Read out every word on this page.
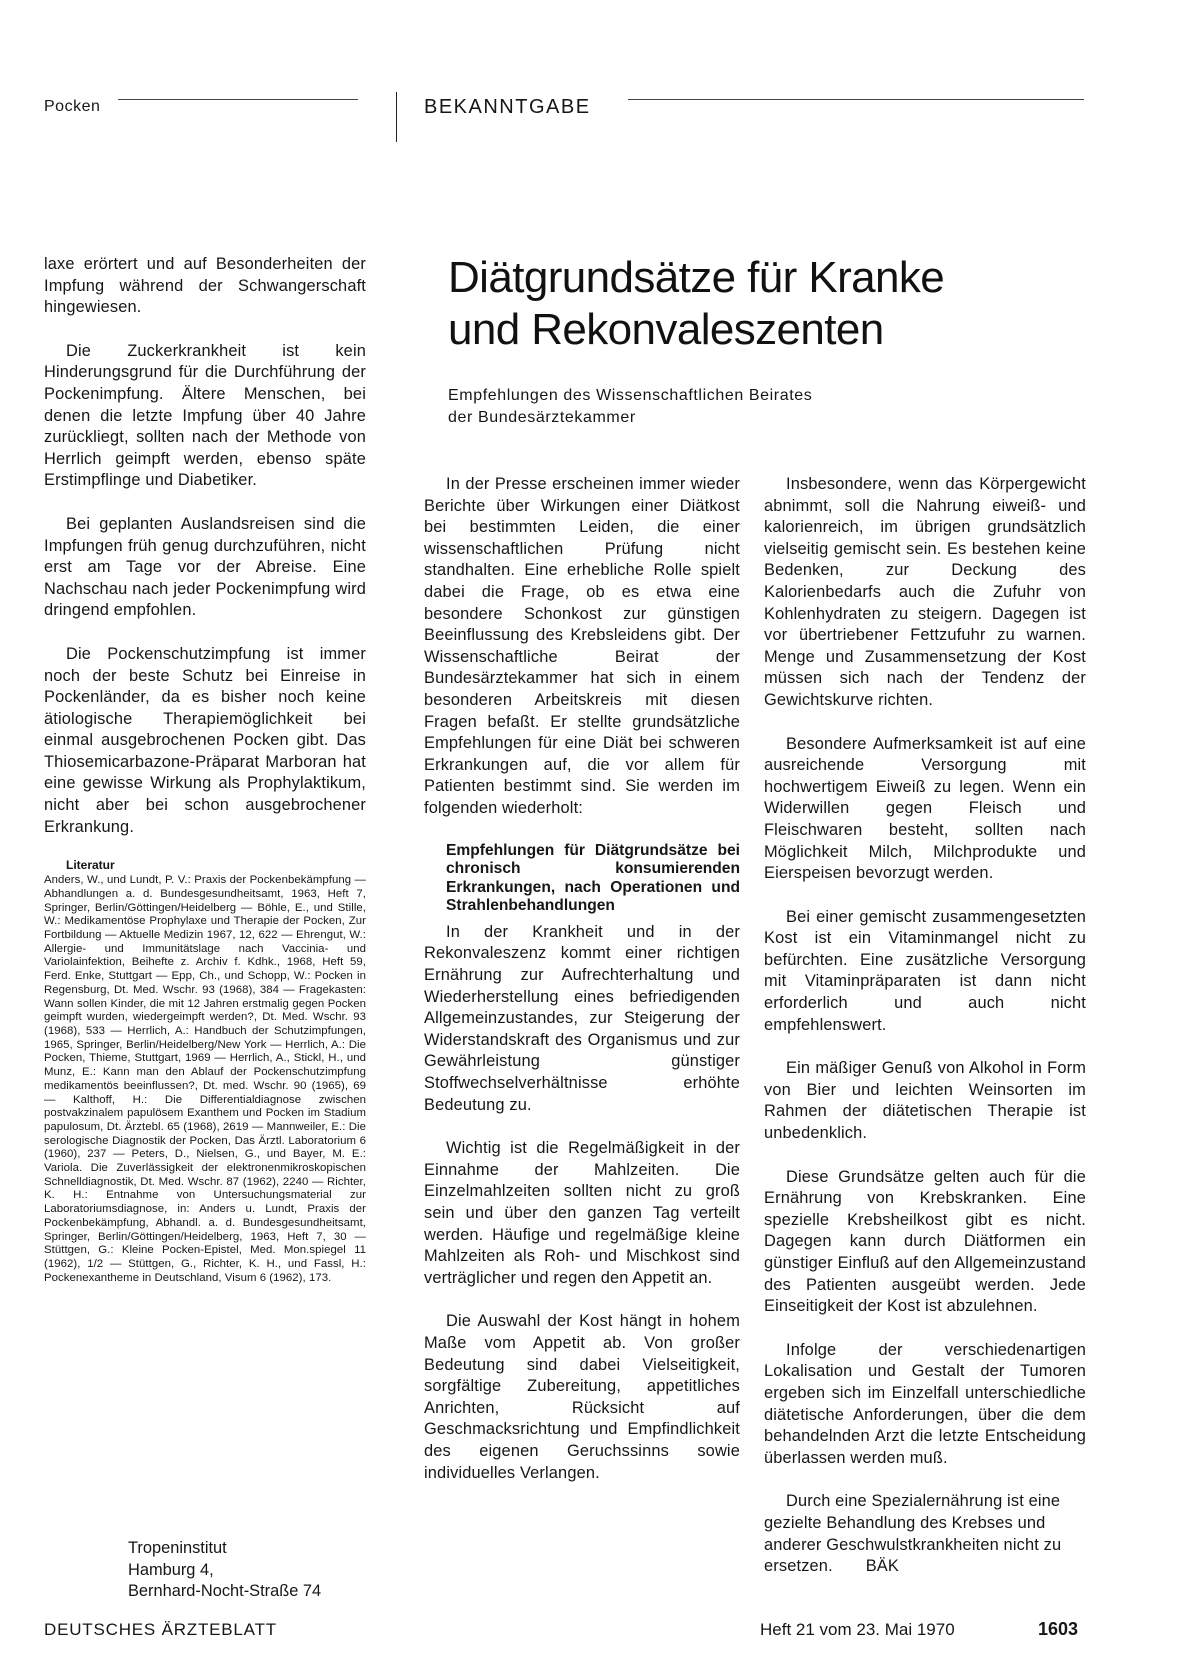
Pocken	BEKANNTGABE
Diätgrundsätze für Kranke
und Rekonvaleszenten
Empfehlungen des Wissenschaftlichen Beirates
der Bundesärztekammer

laxe erörtert und auf Besonderheiten der Impfung während der Schwangerschaft hingewiesen.

Die Zuckerkrankheit ist kein Hinderungsgrund für die Durchführung der Pockenimpfung. Ältere Menschen, bei denen die letzte Impfung über 40 Jahre zurückliegt, sollten nach der Methode von Herrlich geimpft werden, ebenso späte Erstimpflinge und Diabetiker.

Bei geplanten Auslandsreisen sind die Impfungen früh genug durchzuführen, nicht erst am Tage vor der Abreise. Eine Nachschau nach jeder Pockenimpfung wird dringend empfohlen.

Die Pockenschutzimpfung ist immer noch der beste Schutz bei Einreise in Pockenländer, da es bisher noch keine ätiologische Therapiemöglichkeit bei einmal ausgebrochenen Pocken gibt. Das Thiosemicarbazone-Präparat Marboran hat eine gewisse Wirkung als Prophylaktikum, nicht aber bei schon ausgebrochener Erkrankung.

Literatur

Anders, W., und Lundt, P. V.: Praxis der Pockenbekämpfung — Abhandlungen a. d. Bundesgesundheitsamt, 1963, Heft 7, Springer, Berlin/Göttingen/Heidelberg — Böhle, E., und Stille, W.: Medikamentöse Prophylaxe und Therapie der Pocken, Zur Fortbildung — Aktuelle Medizin 1967, 12, 622 — Ehrengut, W.: Allergie- und Immunitätslage nach Vaccinia- und Variolainfektion, Beihefte z. Archiv f. Kdhk., 1968, Heft 59, Ferd. Enke, Stuttgart — Epp, Ch., und Schopp, W.: Pocken in Regensburg, Dt. Med. Wschr. 93 (1968), 384 — Fragekasten: Wann sollen Kinder, die mit 12 Jahren erstmalig gegen Pocken geimpft wurden, wiedergeimpft werden?, Dt. Med. Wschr. 93 (1968), 533 — Herrlich, A.: Handbuch der Schutzimpfungen, 1965, Springer, Berlin/Heidelberg/New York — Herrlich, A.: Die Pocken, Thieme, Stuttgart, 1969 — Herrlich, A., Stickl, H., und Munz, E.: Kann man den Ablauf der Pockenschutzimpfung medikamentös beeinflussen?, Dt. med. Wschr. 90 (1965), 69 — Kalthoff, H.: Die Differentialdiagnose zwischen postvakzinalem papulösem Exanthem und Pocken im Stadium papulosum, Dt. Ärztebl. 65 (1968), 2619 — Mannweiler, E.: Die serologische Diagnostik der Pocken, Das Ärztl. Laboratorium 6 (1960), 237 — Peters, D., Nielsen, G., und Bayer, M. E.: Variola. Die Zuverlässigkeit der elektronenmikroskopischen Schnelldiagnostik, Dt. Med. Wschr. 87 (1962), 2240 — Richter, K. H.: Entnahme von Untersuchungsmaterial zur Laboratoriumsdiagnose, in: Anders u. Lundt, Praxis der Pockenbekämpfung, Abhandl. a. d. Bundesgesundheitsamt, Springer, Berlin/Göttingen/Heidelberg, 1963, Heft 7, 30 — Stüttgen, G.: Kleine Pocken-Epistel, Med. Mon.spiegel 11 (1962), 1/2 — Stüttgen, G., Richter, K. H., und Fassl, H.: Pockenexantheme in Deutschland, Visum 6 (1962), 173.

Tropeninstitut
Hamburg 4,
Bernhard-Nocht-Straße 74

In der Presse erscheinen immer wieder Berichte über Wirkungen einer Diätkost bei bestimmten Leiden, die einer wissenschaftlichen Prüfung nicht standhalten. Eine erhebliche Rolle spielt dabei die Frage, ob es etwa eine besondere Schonkost zur günstigen Beeinflussung des Krebsleidens gibt. Der Wissenschaftliche Beirat der Bundesärztekammer hat sich in einem besonderen Arbeitskreis mit diesen Fragen befaßt. Er stellte grundsätzliche Empfehlungen für eine Diät bei schweren Erkrankungen auf, die vor allem für Patienten bestimmt sind. Sie werden im folgenden wiederholt:

Empfehlungen für Diätgrundsätze bei chronisch konsumierenden Erkrankungen, nach Operationen und Strahlenbehandlungen

In der Krankheit und in der Rekonvaleszenz kommt einer richtigen Ernährung zur Aufrechterhaltung und Wiederherstellung eines befriedigenden Allgemeinzustandes, zur Steigerung der Widerstandskraft des Organismus und zur Gewährleistung günstiger Stoffwechselverhältnisse erhöhte Bedeutung zu.

Wichtig ist die Regelmäßigkeit in der Einnahme der Mahlzeiten. Die Einzelmahlzeiten sollten nicht zu groß sein und über den ganzen Tag verteilt werden. Häufige und regelmäßige kleine Mahlzeiten als Roh- und Mischkost sind verträglicher und regen den Appetit an.

Die Auswahl der Kost hängt in hohem Maße vom Appetit ab. Von großer Bedeutung sind dabei Vielseitigkeit, sorgfältige Zubereitung, appetitliches Anrichten, Rücksicht auf Geschmacksrichtung und Empfindlichkeit des eigenen Geruchssinns sowie individuelles Verlangen.

Insbesondere, wenn das Körpergewicht abnimmt, soll die Nahrung eiweiß- und kalorienreich, im übrigen grundsätzlich vielseitig gemischt sein. Es bestehen keine Bedenken, zur Deckung des Kalorienbedarfs auch die Zufuhr von Kohlenhydraten zu steigern. Dagegen ist vor übertriebener Fettzufuhr zu warnen. Menge und Zusammensetzung der Kost müssen sich nach der Tendenz der Gewichtskurve richten.

Besondere Aufmerksamkeit ist auf eine ausreichende Versorgung mit hochwertigem Eiweiß zu legen. Wenn ein Widerwillen gegen Fleisch und Fleischwaren besteht, sollten nach Möglichkeit Milch, Milchprodukte und Eierspeisen bevorzugt werden.

Bei einer gemischt zusammengesetzten Kost ist ein Vitaminmangel nicht zu befürchten. Eine zusätzliche Versorgung mit Vitaminpräparaten ist dann nicht erforderlich und auch nicht empfehlenswert.

Ein mäßiger Genuß von Alkohol in Form von Bier und leichten Weinsorten im Rahmen der diätetischen Therapie ist unbedenklich.

Diese Grundsätze gelten auch für die Ernährung von Krebskranken. Eine spezielle Krebsheilkost gibt es nicht. Dagegen kann durch Diätformen ein günstiger Einfluß auf den Allgemeinzustand des Patienten ausgeübt werden. Jede Einseitigkeit der Kost ist abzulehnen.

Infolge der verschiedenartigen Lokalisation und Gestalt der Tumoren ergeben sich im Einzelfall unterschiedliche diätetische Anforderungen, über die dem behandelnden Arzt die letzte Entscheidung überlassen werden muß.

Durch eine Spezialernährung ist eine gezielte Behandlung des Krebses und anderer Geschwulstkrankheiten nicht zu ersetzen. BÄK

DEUTSCHES ÄRZTEBLATT	Heft 21 vom 23. Mai 1970	1603
